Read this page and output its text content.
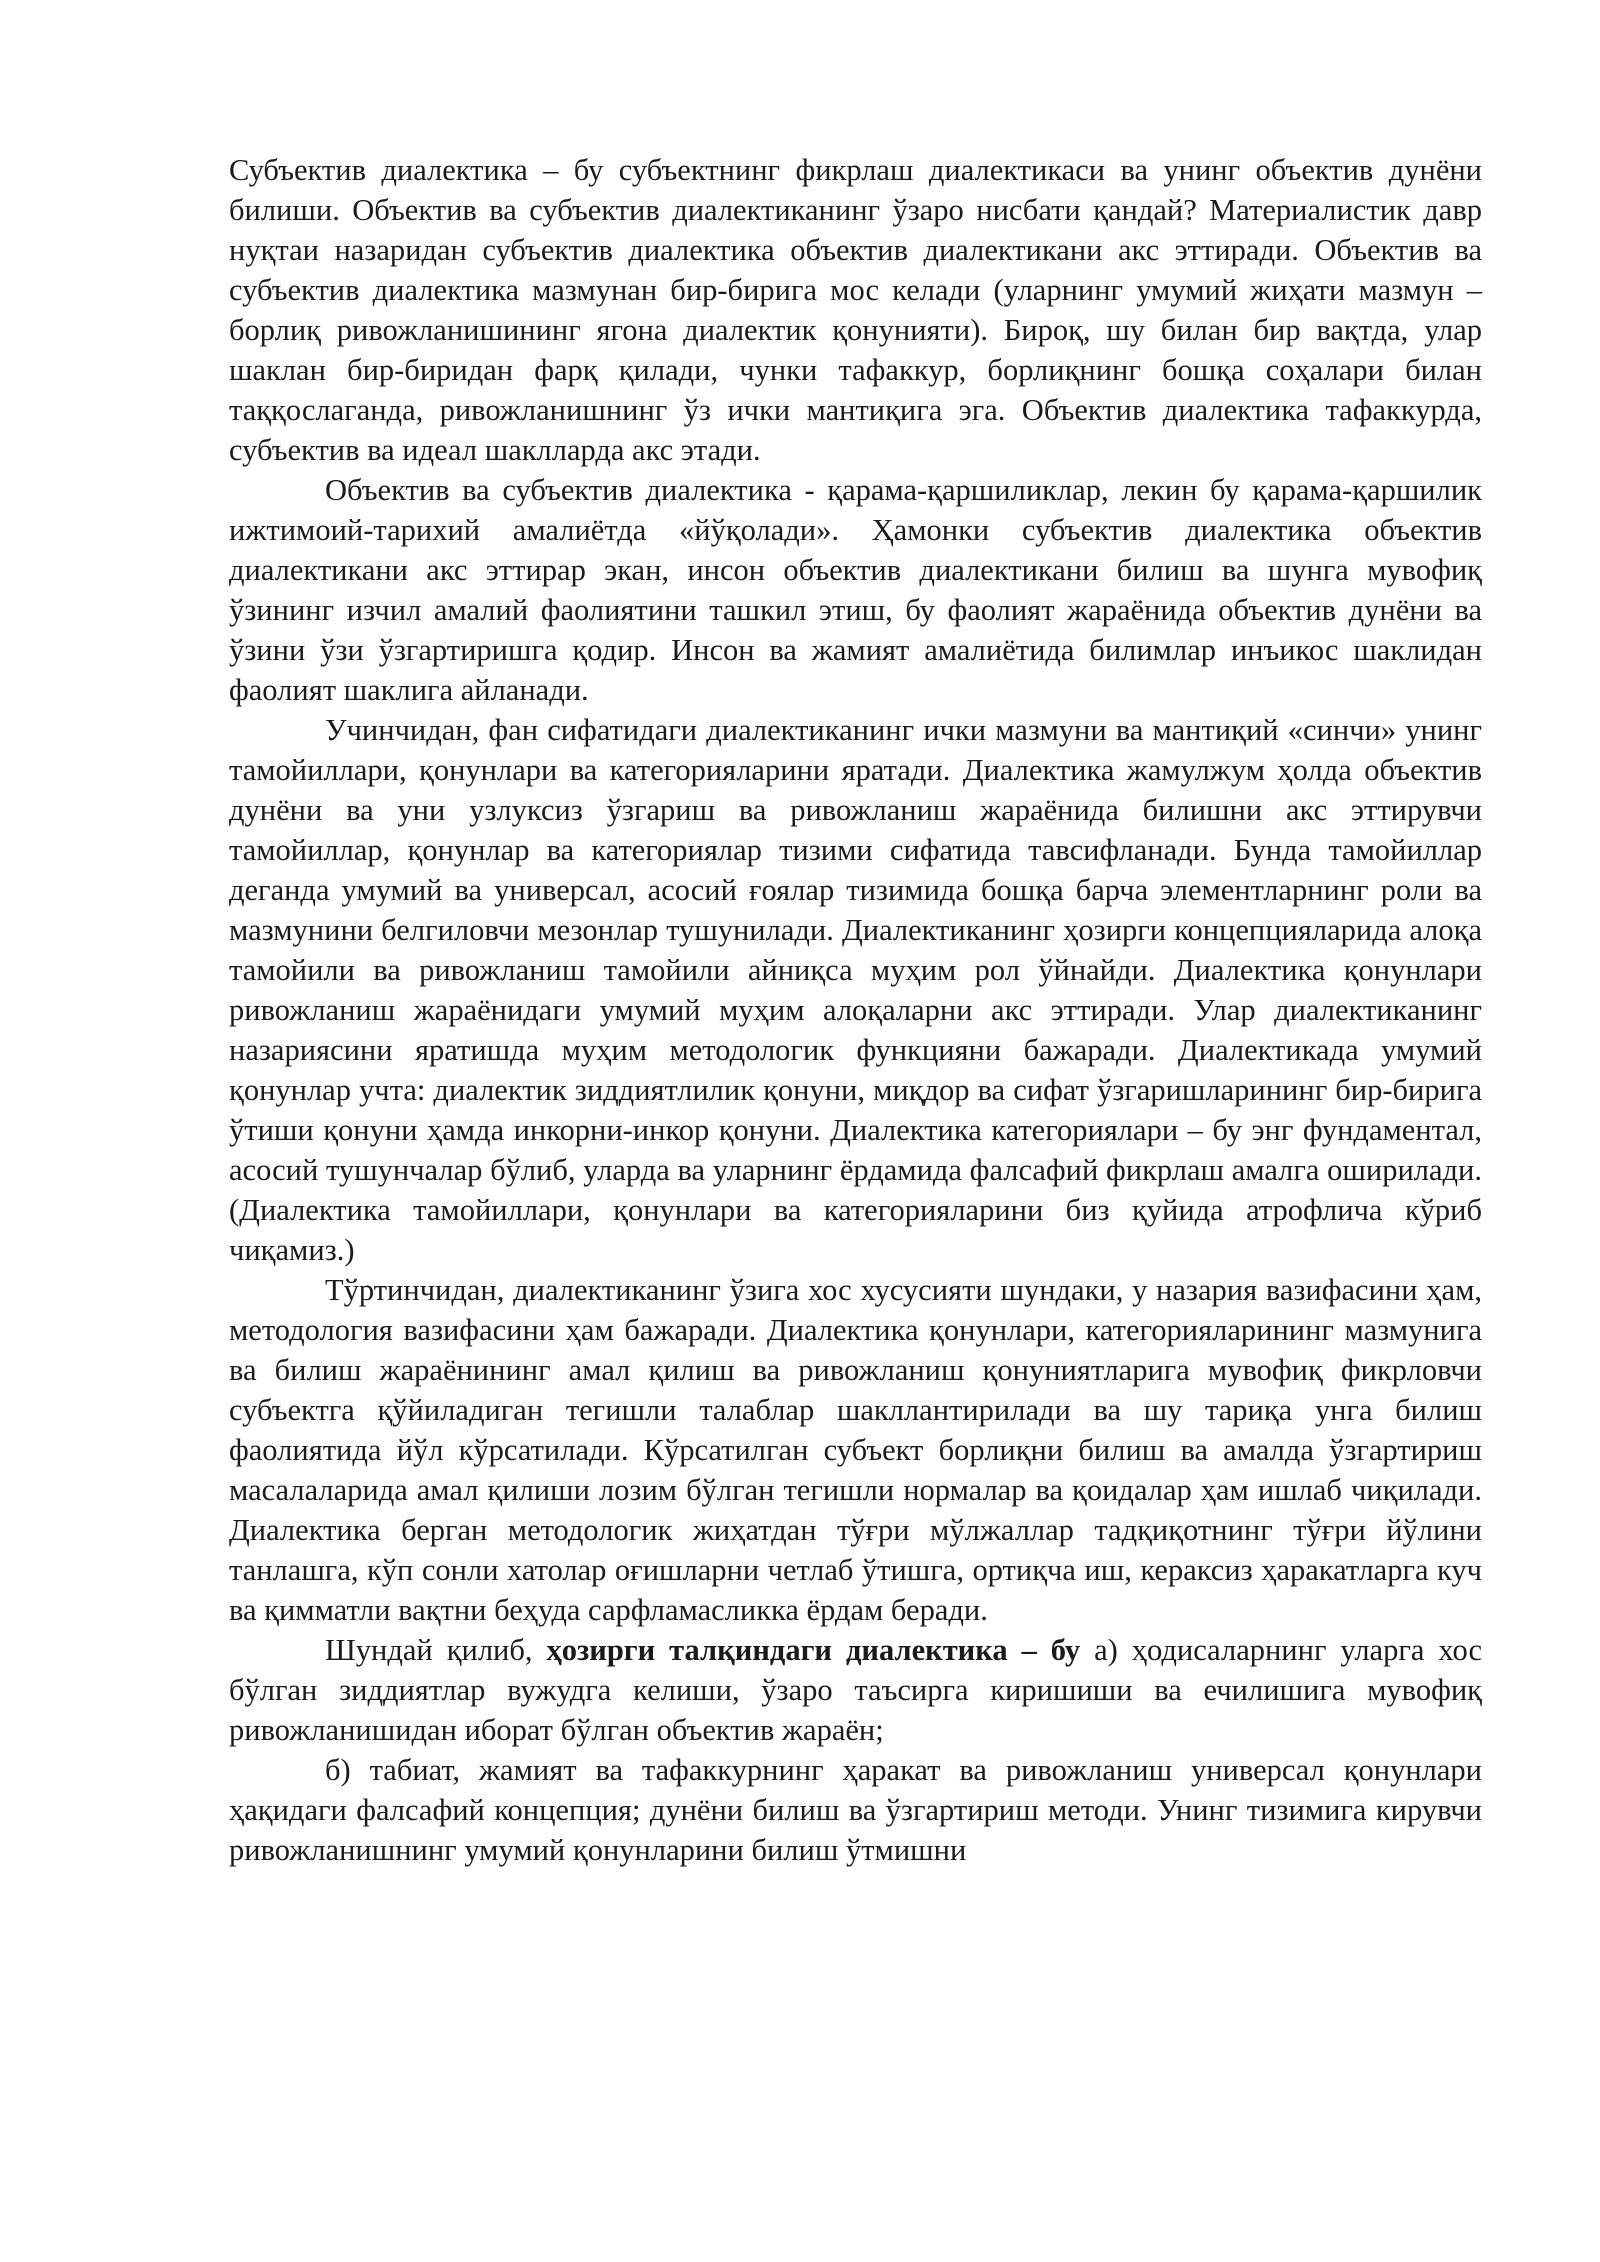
Субъектив диалектика – бу субъектнинг фикрлаш диалектикаси ва унинг объектив дунёни билиши. Объектив ва субъектив диалектиканинг ўзаро нисбати қандай? Материалистик давр нуқтаи назаридан субъектив диалектика объектив диалектикани акс эттиради. Объектив ва субъектив диалектика мазмунан бир-бирига мос келади (уларнинг умумий жиҳати мазмун – борлиқ ривожланишининг ягона диалектик қонунияти). Бироқ, шу билан бир вақтда, улар шаклан бир-биридан фарқ қилади, чунки тафаккур, борлиқнинг бошқа соҳалари билан таққослаганда, ривожланишнинг ўз ички мантиқига эга. Объектив диалектика тафаккурда, субъектив ва идеал шаклларда акс этади.

Объектив ва субъектив диалектика - қарама-қаршиликлар, лекин бу қарама-қаршилик ижтимоий-тарихий амалиётда «йўқолади». Ҳамонки субъектив диалектика объектив диалектикани акс эттирар экан, инсон объектив диалектикани билиш ва шунга мувофиқ ўзининг изчил амалий фаолиятини ташкил этиш, бу фаолият жараёнида объектив дунёни ва ўзини ўзи ўзгартиришга қодир. Инсон ва жамият амалиётида билимлар инъикос шаклидан фаолият шаклига айланади.

Учинчидан, фан сифатидаги диалектиканинг ички мазмуни ва мантиқий «синчи» унинг тамойиллари, қонунлари ва категорияларини яратади. Диалектика жамулжум ҳолда объектив дунёни ва уни узлуксиз ўзгариш ва ривожланиш жараёнида билишни акс эттирувчи тамойиллар, қонунлар ва категориялар тизими сифатида тавсифланади. Бунда тамойиллар деганда умумий ва универсал, асосий ғоялар тизимида бошқа барча элементларнинг роли ва мазмунини белгиловчи мезонлар тушунилади. Диалектиканинг ҳозирги концепцияларида алоқа тамойили ва ривожланиш тамойили айниқса муҳим рол ўйнайди. Диалектика қонунлари ривожланиш жараёнидаги умумий муҳим алоқаларни акс эттиради. Улар диалектиканинг назариясини яратишда муҳим методологик функцияни бажаради. Диалектикада умумий қонунлар учта: диалектик зиддиятлилик қонуни, миқдор ва сифат ўзгаришларининг бир-бирига ўтиши қонуни ҳамда инкорни-инкор қонуни. Диалектика категориялари – бу энг фундаментал, асосий тушунчалар бўлиб, уларда ва уларнинг ёрдамида фалсафий фикрлаш амалга оширилади. (Диалектика тамойиллари, қонунлари ва категорияларини биз қуйида атрофлича кўриб чиқамиз.)

Тўртинчидан, диалектиканинг ўзига хос хусусияти шундаки, у назария вазифасини ҳам, методология вазифасини ҳам бажаради. Диалектика қонунлари, категорияларининг мазмунига ва билиш жараёнининг амал қилиш ва ривожланиш қонуниятларига мувофиқ фикрловчи субъектга қўйиладиган тегишли талаблар шакллантирилади ва шу тариқа унга билиш фаолиятида йўл кўрсатилади. Кўрсатилган субъект борлиқни билиш ва амалда ўзгартириш масалаларида амал қилиши лозим бўлган тегишли нормалар ва қоидалар ҳам ишлаб чиқилади. Диалектика берган методологик жиҳатдан тўғри мўлжаллар тадқиқотнинг тўғри йўлини танлашга, кўп сонли хатолар оғишларни четлаб ўтишга, ортиқча иш, кераксиз ҳаракатларга куч ва қимматли вақтни беҳуда сарфламасликка ёрдам беради.

Шундай қилиб, ҳозирги талқиндаги диалектика – бу а) ҳодисаларнинг уларга хос бўлган зиддиятлар вужудга келиши, ўзаро таъсирга киришиши ва ечилишига мувофиқ ривожланишидан иборат бўлган объектив жараён;

б) табиат, жамият ва тафаккурнинг ҳаракат ва ривожланиш универсал қонунлари ҳақидаги фалсафий концепция; дунёни билиш ва ўзгартириш методи. Унинг тизимига кирувчи ривожланишнинг умумий қонунларини билиш ўтмишни
